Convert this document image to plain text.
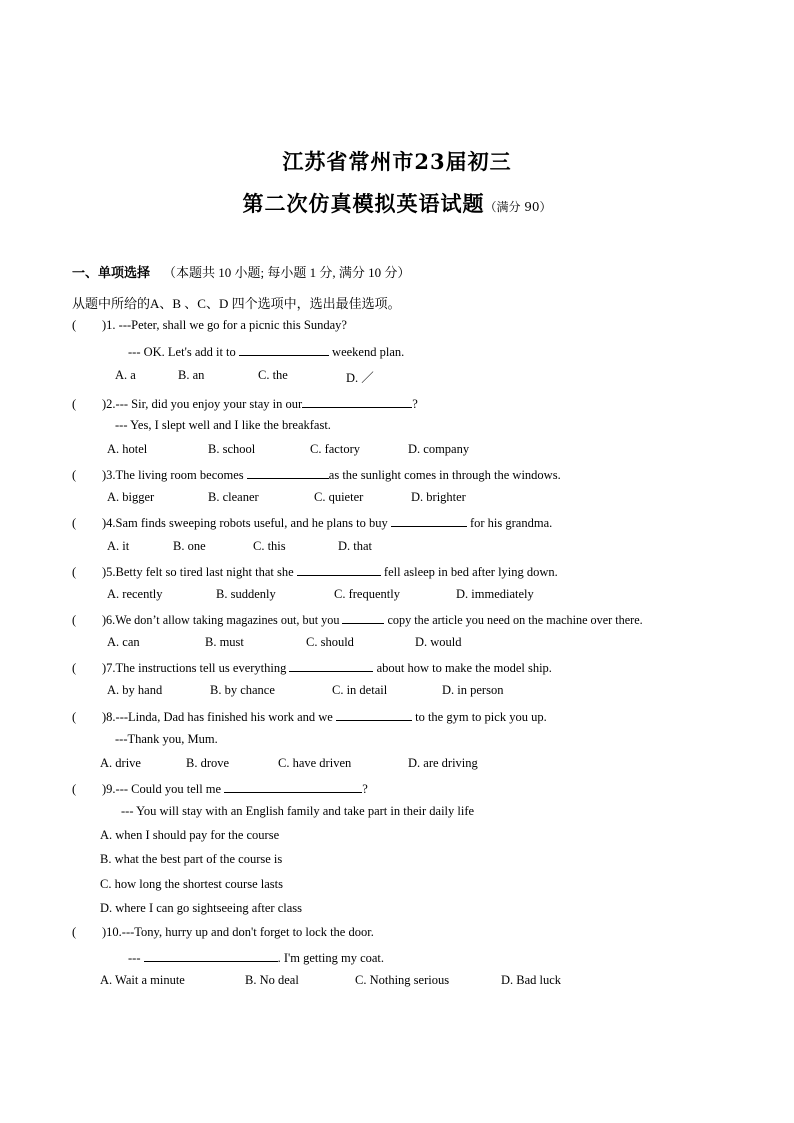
江苏省常州市23届初三
第二次仿真模拟英语试题（满分 90）
一、单项选择 （本题共 10 小题; 每小题 1 分, 满分 10 分）
从题中所给的A、B 、C、D 四个选项中，选出最佳选项。
( )1. ---Peter, shall we go for a picnic this Sunday?
--- OK. Let's add it to	weekend plan.
A. a	B. an	C. the	D. ／
( )2.--- Sir, did you enjoy your stay in our	?
--- Yes, I slept well and I like the breakfast.
A. hotel	B. school	C. factory	D. company
( )3.The living room becomes	as the sunlight comes in through the windows.
A. bigger	B. cleaner	C. quieter	D. brighter
( )4.Sam finds sweeping robots useful, and he plans to buy	for his grandma.
A. it	B. one	C. this	D. that
( )5.Betty felt so tired last night that she	fell asleep in bed after lying down.
A. recently	B. suddenly	C. frequently	D. immediately
( )6.We don’t allow taking magazines out, but you	copy the article you need on the machine over there.
A. can	B. must	C. should	D. would
( )7.The instructions tell us everything	about how to make the model ship.
A. by hand	B. by chance	C. in detail	D. in person
( )8.---Linda, Dad has finished his work and we	to the gym to pick you up.
---Thank you, Mum.
A. drive	B. drove	C. have driven	D. are driving
( )9.--- Could you tell me	?
--- You will stay with an English family and take part in their daily life
A. when I should pay for the course
B. what the best part of the course is
C. how long the shortest course lasts
D. where I can go sightseeing after class
( )10.---Tony, hurry up and don't forget to lock the door.
---	. I'm getting my coat.
A. Wait a minute	B. No deal	C. Nothing serious	D. Bad luck
